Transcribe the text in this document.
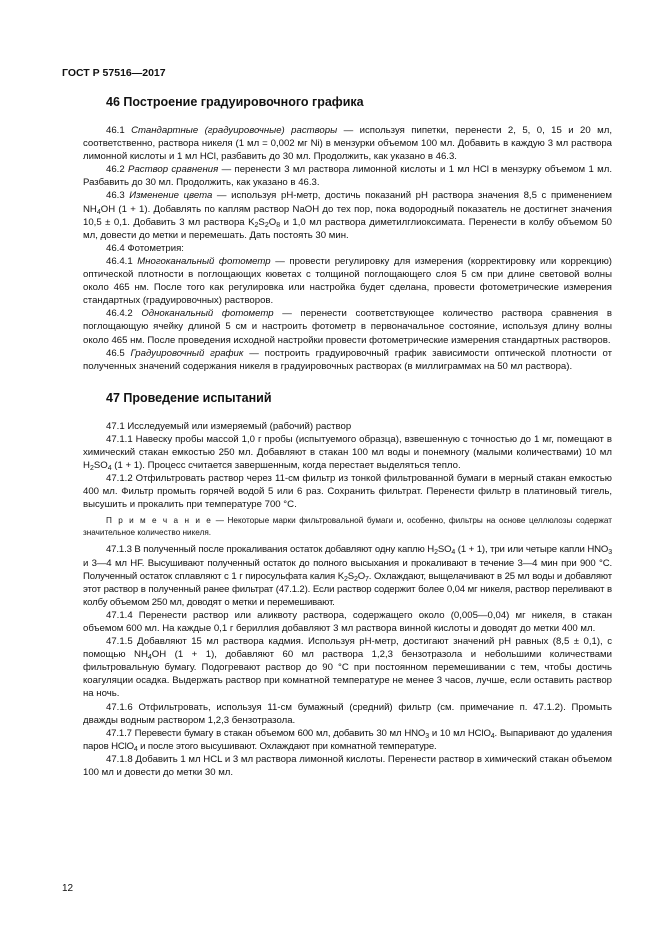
ГОСТ Р 57516—2017
46 Построение градуировочного графика

46.1 Стандартные (градуировочные) растворы — используя пипетки, перенести 2, 5, 0, 15 и 20 мл, соответственно, раствора никеля (1 мл = 0,002 мг Ni) в мензурки объемом 100 мл. Добавить в каждую 3 мл раствора лимонной кислоты и 1 мл HCl, разбавить до 30 мл. Продолжить, как указано в 46.3.

46.2 Раствор сравнения — перенести 3 мл раствора лимонной кислоты и 1 мл HCl в мензурку объемом 1 мл. Разбавить до 30 мл. Продолжить, как указано в 46.3.

46.3 Изменение цвета — используя pH-метр, достичь показаний pH раствора значения 8,5 с применением $NH_4OH$ (1 + 1). Добавлять по каплям раствор NaOH до тех пор, пока водородный показатель не достигнет значения 10,5 ± 0,1. Добавить 3 мл раствора $K_2S_2O_8$ и 1,0 мл раствора диметилглиоксимата. Перенести в колбу объемом 50 мл, довести до метки и перемешать. Дать постоять 30 мин.

46.4 Фотометрия:

46.4.1 Многоканальный фотометр — провести регулировку для измерения (корректировку или коррекцию) оптической плотности в поглощающих кюветах с толщиной поглощающего слоя 5 см при длине световой волны около 465 нм. После того как регулировка или настройка будет сделана, провести фотометрические измерения стандартных (градуировочных) растворов.

46.4.2 Одноканальный фотометр — перенести соответствующее количество раствора сравнения в поглощающую ячейку длиной 5 см и настроить фотометр в первоначальное состояние, используя длину волны около 465 нм. После проведения исходной настройки провести фотометрические измерения стандартных растворов.

46.5 Градуировочный график — построить градуировочный график зависимости оптической плотности от полученных значений содержания никеля в градуировочных растворах (в миллиграммах на 50 мл раствора).

47 Проведение испытаний

47.1 Исследуемый или измеряемый (рабочий) раствор

47.1.1 Навеску пробы массой 1,0 г пробы (испытуемого образца), взвешенную с точностью до 1 мг, помещают в химический стакан емкостью 250 мл. Добавляют в стакан 100 мл воды и понемногу (малыми количествами) 10 мл $H_2SO_4$ (1 + 1). Процесс считается завершенным, когда перестает выделяться тепло.

47.1.2 Отфильтровать раствор через 11-см фильтр из тонкой фильтрованной бумаги в мерный стакан емкостью 400 мл. Фильтр промыть горячей водой 5 или 6 раз. Сохранить фильтрат. Перенести фильтр в платиновый тигель, высушить и прокалить при температуре 700 °С.

П р и м е ч а н и е — Некоторые марки фильтровальной бумаги и, особенно, фильтры на основе целлюлозы содержат значительное количество никеля.

47.1.3 В полученный после прокаливания остаток добавляют одну каплю $H_2SO_4$ (1 + 1), три или четыре капли $HNO_3$ и 3—4 мл HF. Высушивают полученный остаток до полного высыхания и прокаливают в течение 3—4 мин при 900 °С. Полученный остаток сплавляют с 1 г пиросульфата калия $K_2S_2O_7$. Охлаждают, выщелачивают в 25 мл воды и добавляют этот раствор в полученный ранее фильтрат (47.1.2). Если раствор содержит более 0,04 мг никеля, раствор переливают в колбу объемом 250 мл, доводят о метки и перемешивают.

47.1.4 Перенести раствор или аликвоту раствора, содержащего около (0,005—0,04) мг никеля, в стакан объемом 600 мл. На каждые 0,1 г бериллия добавляют 3 мл раствора винной кислоты и доводят до метки 400 мл.

47.1.5 Добавляют 15 мл раствора кадмия. Используя pH-метр, достигают значений pH равных (8,5 ± 0,1), с помощью $NH_4OH$ (1 + 1), добавляют 60 мл раствора 1,2,3 бензотразола и небольшими количествами фильтровальную бумагу. Подогревают раствор до 90 °С при постоянном перемешивании с тем, чтобы достичь коагуляции осадка. Выдержать раствор при комнатной температуре не менее 3 часов, лучше, если оставить раствор на ночь.

47.1.6 Отфильтровать, используя 11-см бумажный (средний) фильтр (см. примечание п. 47.1.2). Промыть дважды водным раствором 1,2,3 бензотразола.

47.1.7 Перевести бумагу в стакан объемом 600 мл, добавить 30 мл $HNO_3$ и 10 мл HClO$_4$. Выпаривают до удаления паров HClO$_4$ и после этого высушивают. Охлаждают при комнатной температуре.

47.1.8 Добавить 1 мл HCL и 3 мл раствора лимонной кислоты. Перенести раствор в химический стакан объемом 100 мл и довести до метки 30 мл.

12
